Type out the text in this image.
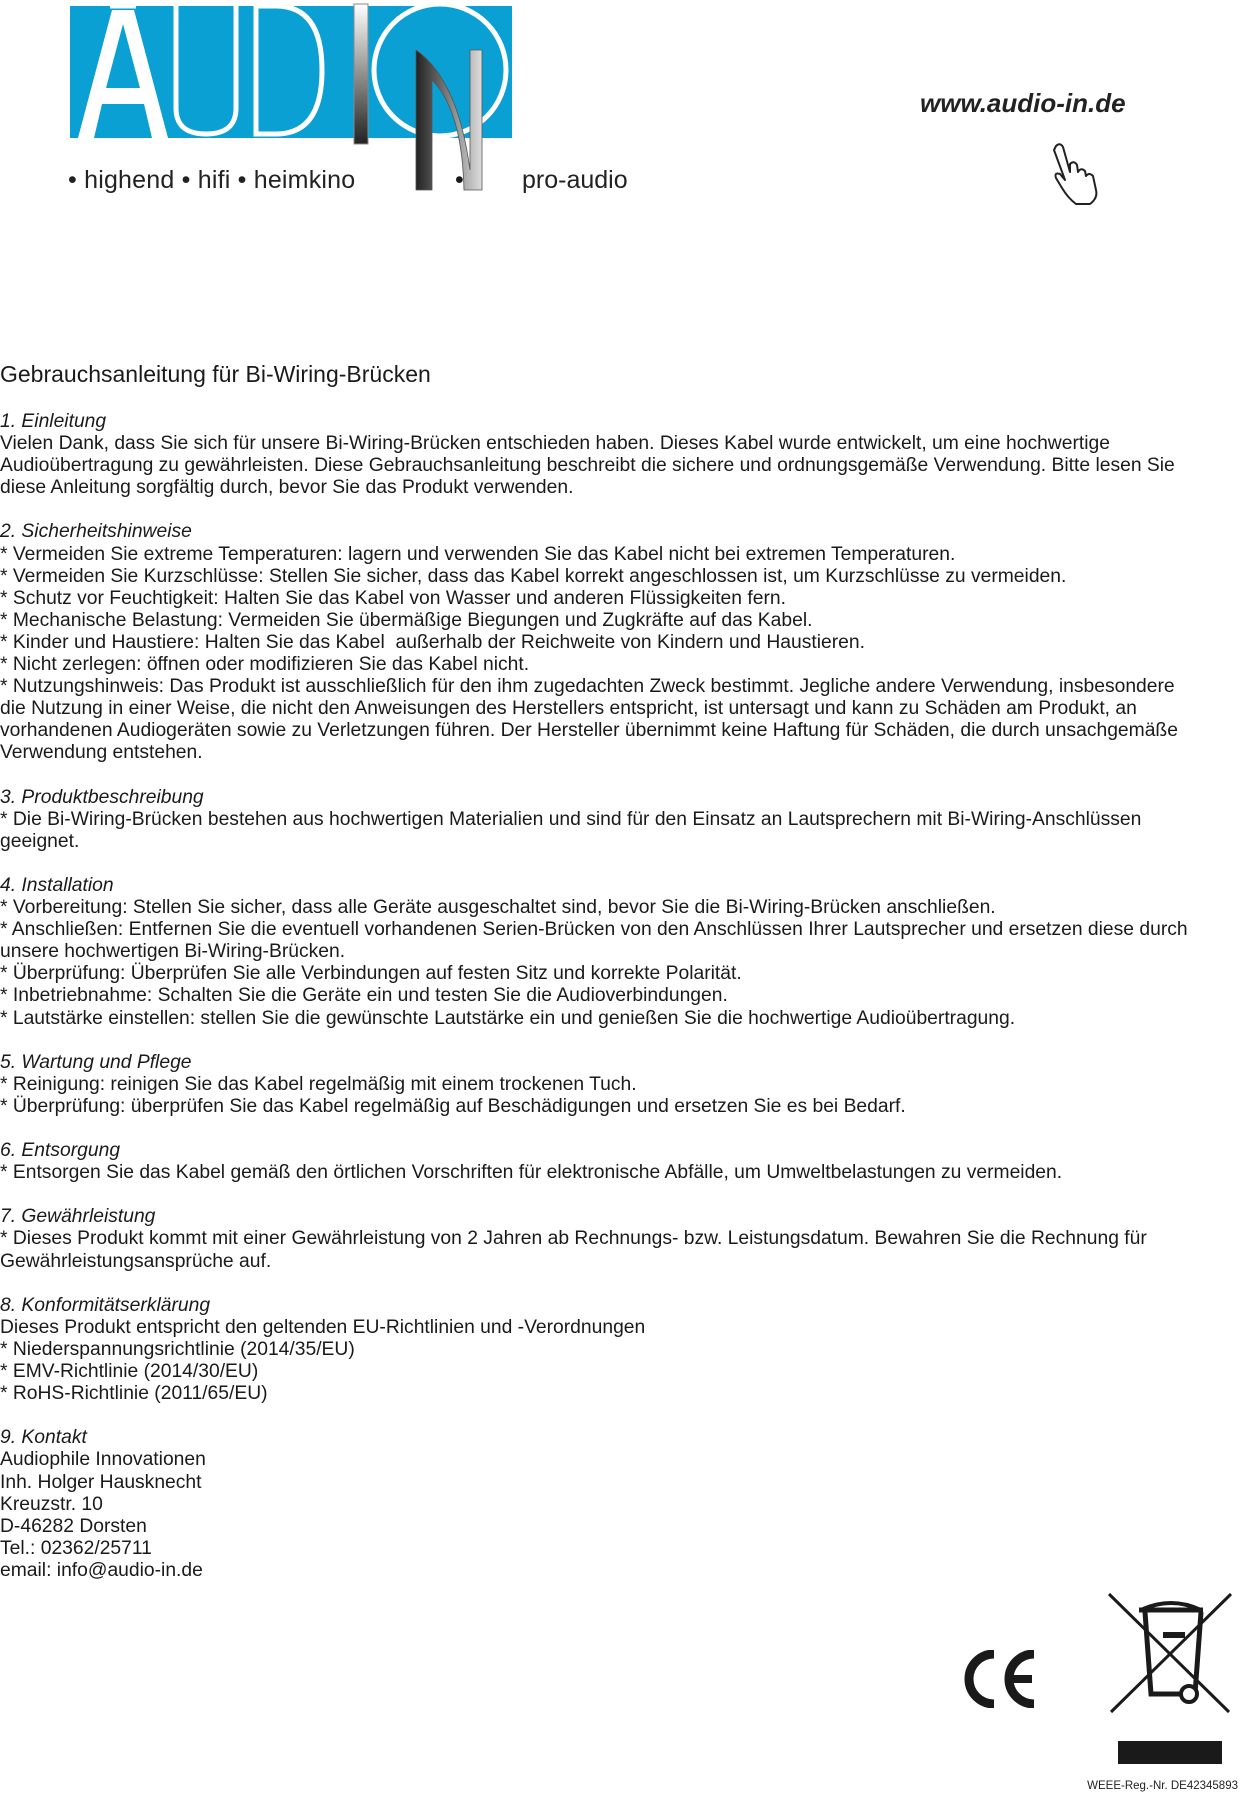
• highend • hifi • heimkino	• pro-audio
www.audio-in.de
Gebrauchsanleitung für Bi-Wiring-Brücken
1. Einleitung
Vielen Dank, dass Sie sich für unsere Bi-Wiring-Brücken entschieden haben. Dieses Kabel wurde entwickelt, um eine hochwertige
Audioübertragung zu gewährleisten. Diese Gebrauchsanleitung beschreibt die sichere und ordnungsgemäße Verwendung. Bitte lesen Sie
diese Anleitung sorgfältig durch, bevor Sie das Produkt verwenden.
2. Sicherheitshinweise
* Vermeiden Sie extreme Temperaturen: lagern und verwenden Sie das Kabel nicht bei extremen Temperaturen.
* Vermeiden Sie Kurzschlüsse: Stellen Sie sicher, dass das Kabel korrekt angeschlossen ist, um Kurzschlüsse zu vermeiden.
* Schutz vor Feuchtigkeit: Halten Sie das Kabel von Wasser und anderen Flüssigkeiten fern.
* Mechanische Belastung: Vermeiden Sie übermäßige Biegungen und Zugkräfte auf das Kabel.
* Kinder und Haustiere: Halten Sie das Kabel  außerhalb der Reichweite von Kindern und Haustieren.
* Nicht zerlegen: öffnen oder modifizieren Sie das Kabel nicht.
* Nutzungshinweis: Das Produkt ist ausschließlich für den ihm zugedachten Zweck bestimmt. Jegliche andere Verwendung, insbesondere
die Nutzung in einer Weise, die nicht den Anweisungen des Herstellers entspricht, ist untersagt und kann zu Schäden am Produkt, an
vorhandenen Audiogeräten sowie zu Verletzungen führen. Der Hersteller übernimmt keine Haftung für Schäden, die durch unsachgemäße
Verwendung entstehen.
3. Produktbeschreibung
* Die Bi-Wiring-Brücken bestehen aus hochwertigen Materialien und sind für den Einsatz an Lautsprechern mit Bi-Wiring-Anschlüssen
geeignet.
4. Installation
* Vorbereitung: Stellen Sie sicher, dass alle Geräte ausgeschaltet sind, bevor Sie die Bi-Wiring-Brücken anschließen.
* Anschließen: Entfernen Sie die eventuell vorhandenen Serien-Brücken von den Anschlüssen Ihrer Lautsprecher und ersetzen diese durch
unsere hochwertigen Bi-Wiring-Brücken.
* Überprüfung: Überprüfen Sie alle Verbindungen auf festen Sitz und korrekte Polarität.
* Inbetriebnahme: Schalten Sie die Geräte ein und testen Sie die Audioverbindungen.
* Lautstärke einstellen: stellen Sie die gewünschte Lautstärke ein und genießen Sie die hochwertige Audioübertragung.
5. Wartung und Pflege
* Reinigung: reinigen Sie das Kabel regelmäßig mit einem trockenen Tuch.
* Überprüfung: überprüfen Sie das Kabel regelmäßig auf Beschädigungen und ersetzen Sie es bei Bedarf.
6. Entsorgung
* Entsorgen Sie das Kabel gemäß den örtlichen Vorschriften für elektronische Abfälle, um Umweltbelastungen zu vermeiden.
7. Gewährleistung
* Dieses Produkt kommt mit einer Gewährleistung von 2 Jahren ab Rechnungs- bzw. Leistungsdatum. Bewahren Sie die Rechnung für
Gewährleistungsansprüche auf.
8. Konformitätserklärung
Dieses Produkt entspricht den geltenden EU-Richtlinien und -Verordnungen
* Niederspannungsrichtlinie (2014/35/EU)
* EMV-Richtlinie (2014/30/EU)
* RoHS-Richtlinie (2011/65/EU)
9. Kontakt
Audiophile Innovationen
Inh. Holger Hausknecht
Kreuzstr. 10
D-46282 Dorsten
Tel.: 02362/25711
email: info@audio-in.de
WEEE-Reg.-Nr. DE42345893
